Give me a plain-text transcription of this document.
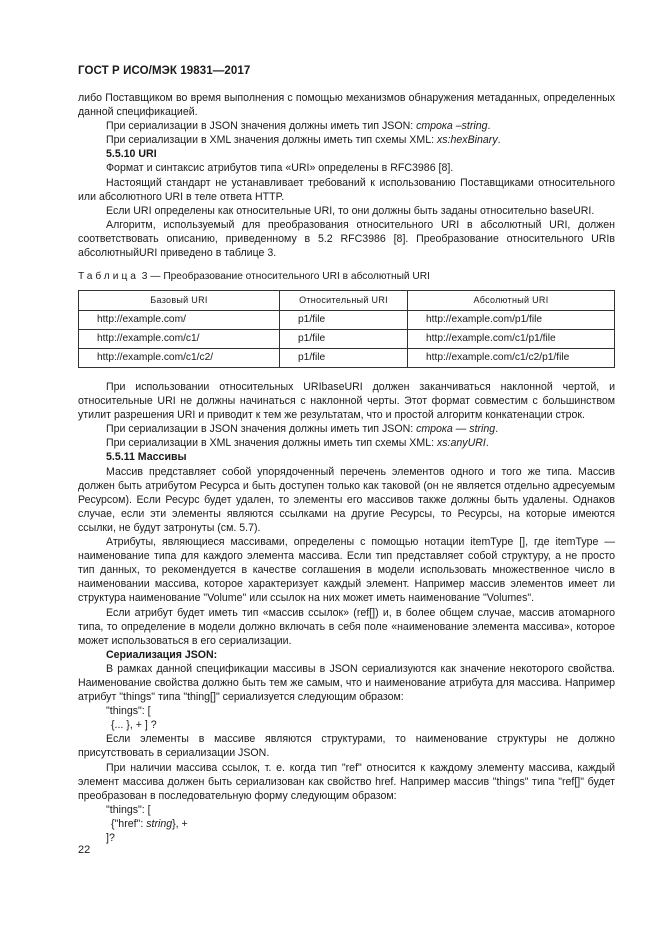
ГОСТ Р ИСО/МЭК 19831—2017

либо Поставщиком во время выполнения с помощью механизмов обнаружения метаданных, определенных данной спецификацией.

При сериализации в JSON значения должны иметь тип JSON: строка –string.

При сериализации в XML значения должны иметь тип схемы XML: xs:hexBinary.

5.5.10 URI

Формат и синтаксис атрибутов типа «URI» определены в RFC3986 [8].

Настоящий стандарт не устанавливает требований к использованию Поставщиками относительного или абсолютного URI в теле ответа HTTP.

Если URI определены как относительные URI, то они должны быть заданы относительно baseURI.

Алгоритм, используемый для преобразования относительного URI в абсолютный URI, должен соответствовать описанию, приведенному в 5.2 RFC3986 [8]. Преобразование относительного URIв абсолютныйURI приведено в таблице 3.

Таблица 3 — Преобразование относительного URI в абсолютный URI
Базовый URI	Относительный URI	Абсолютный URI
http://example.com/	p1/file	http://example.com/p1/file
http://example.com/c1/	p1/file	http://example.com/c1/p1/file
http://example.com/c1/c2/	p1/file	http://example.com/c1/c2/p1/file

При использовании относительных URIbaseURI должен заканчиваться наклонной чертой, и относительные URI не должны начинаться с наклонной черты. Этот формат совместим с большинством утилит разрешения URI и приводит к тем же результатам, что и простой алгоритм конкатенации строк.

При сериализации в JSON значения должны иметь тип JSON: строка — string.

При сериализации в XML значения должны иметь тип схемы XML: xs:anyURI.

5.5.11 Массивы

Массив представляет собой упорядоченный перечень элементов одного и того же типа. Массив должен быть атрибутом Ресурса и быть доступен только как таковой (он не является отдельно адресуемым Ресурсом). Если Ресурс будет удален, то элементы его массивов также должны быть удалены. Однаков случае, если эти элементы являются ссылками на другие Ресурсы, то Ресурсы, на которые имеются ссылки, не будут затронуты (см. 5.7).

Атрибуты, являющиеся массивами, определены с помощью нотации itemType [], где itemType — наименование типа для каждого элемента массива. Если тип представляет собой структуру, а не просто тип данных, то рекомендуется в качестве соглашения в модели использовать множественное число в наименовании массива, которое характеризует каждый элемент. Например массив элементов имеет ли структура наименование "Volume" или ссылок на них может иметь наименование "Volumes".

Если атрибут будет иметь тип «массив ссылок» (ref[]) и, в более общем случае, массив атомарного типа, то определение в модели должно включать в себя поле «наименование элемента массива», которое может использоваться в его сериализации.

Сериализация JSON:

В рамках данной спецификации массивы в JSON сериализуются как значение некоторого свойства. Наименование свойства должно быть тем же самым, что и наименование атрибута для массива. Например атрибут "things" типа "thing[]" сериализуется следующим образом:

"things": [

{... }, + ] ?

Если элементы в массиве являются структурами, то наименование структуры не должно присутствовать в сериализации JSON.

При наличии массива ссылок, т. е. когда тип "ref" относится к каждому элементу массива, каждый элемент массива должен быть сериализован как свойство href. Например массив "things" типа "ref[]" будет преобразован в последовательную форму следующим образом:

"things": [

{"href": string}, +

]?

22
